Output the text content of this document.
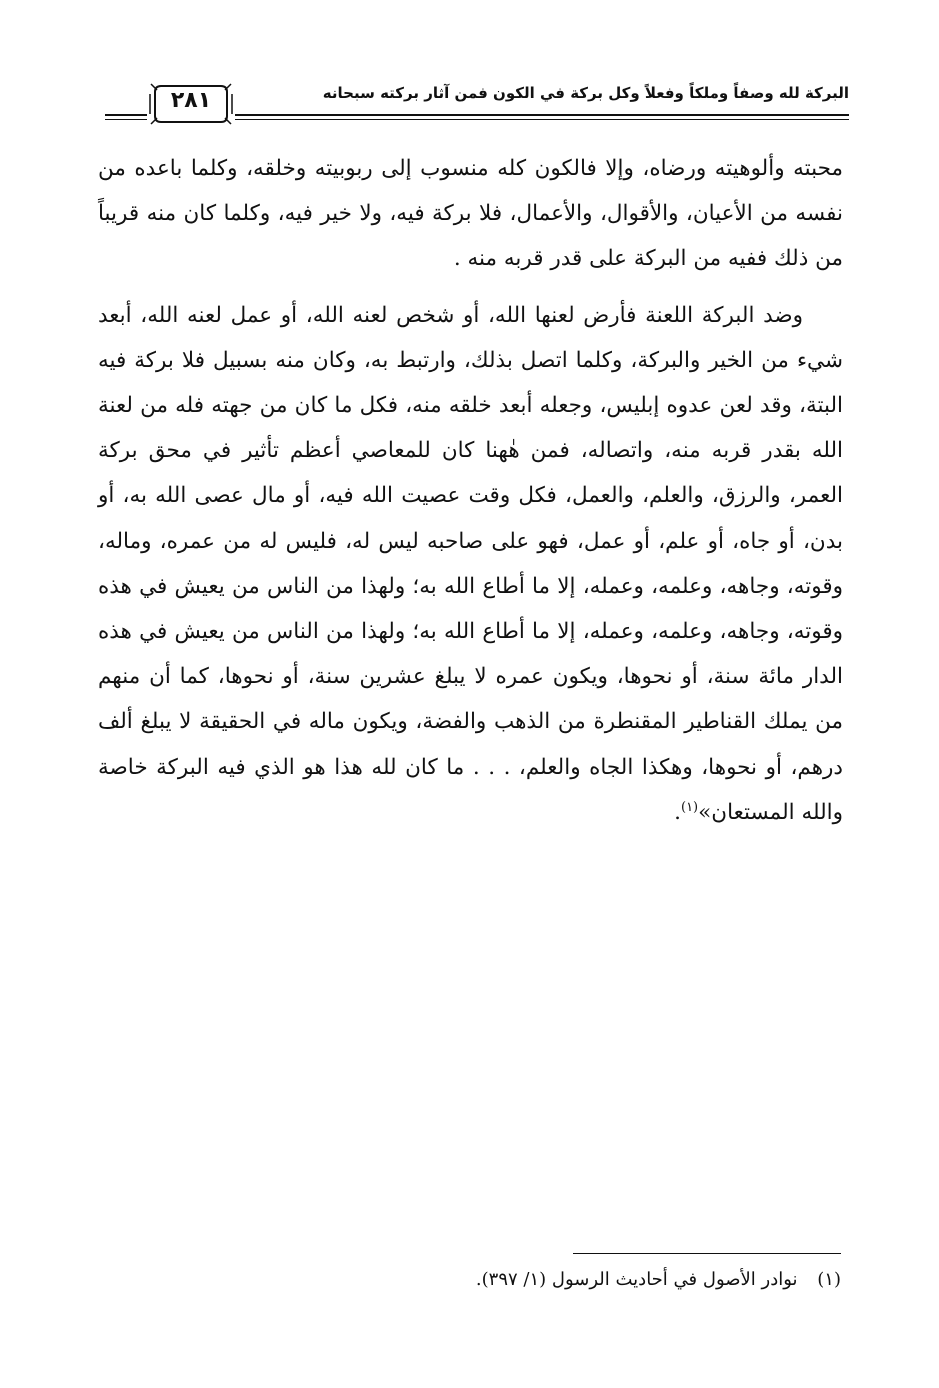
البركة لله وصفاً وملكاً وفعلاً وكل بركة في الكون فمن آثار بركته سبحانه
٢٨١

محبته وألوهيته ورضاه، وإلا فالكون كله منسوب إلى ربوبيته وخلقه، وكلما باعده من نفسه من الأعيان، والأقوال، والأعمال، فلا بركة فيه، ولا خير فيه، وكلما كان منه قريباً من ذلك ففيه من البركة على قدر قربه منه .

وضد البركة اللعنة فأرض لعنها الله، أو شخص لعنه الله، أو عمل لعنه الله، أبعد شيء من الخير والبركة، وكلما اتصل بذلك، وارتبط به، وكان منه بسبيل فلا بركة فيه البتة، وقد لعن عدوه إبليس، وجعله أبعد خلقه منه، فكل ما كان من جهته فله من لعنة الله بقدر قربه منه، واتصاله، فمن هٰهنا كان للمعاصي أعظم تأثير في محق بركة العمر، والرزق، والعلم، والعمل، فكل وقت عصيت الله فيه، أو مال عصى الله به، أو بدن، أو جاه، أو علم، أو عمل، فهو على صاحبه ليس له، فليس له من عمره، وماله، وقوته، وجاهه، وعلمه، وعمله، إلا ما أطاع الله به؛ ولهذا من الناس من يعيش في هذه وقوته، وجاهه، وعلمه، وعمله، إلا ما أطاع الله به؛ ولهذا من الناس من يعيش في هذه الدار مائة سنة، أو نحوها، ويكون عمره لا يبلغ عشرين سنة، أو نحوها، كما أن منهم من يملك القناطير المقنطرة من الذهب والفضة، ويكون ماله في الحقيقة لا يبلغ ألف درهم، أو نحوها، وهكذا الجاه والعلم، . . . ما كان لله هذا هو الذي فيه البركة خاصة والله المستعان»$^{(١)}$.

(١) نوادر الأصول في أحاديث الرسول (١/ ٣٩٧).
